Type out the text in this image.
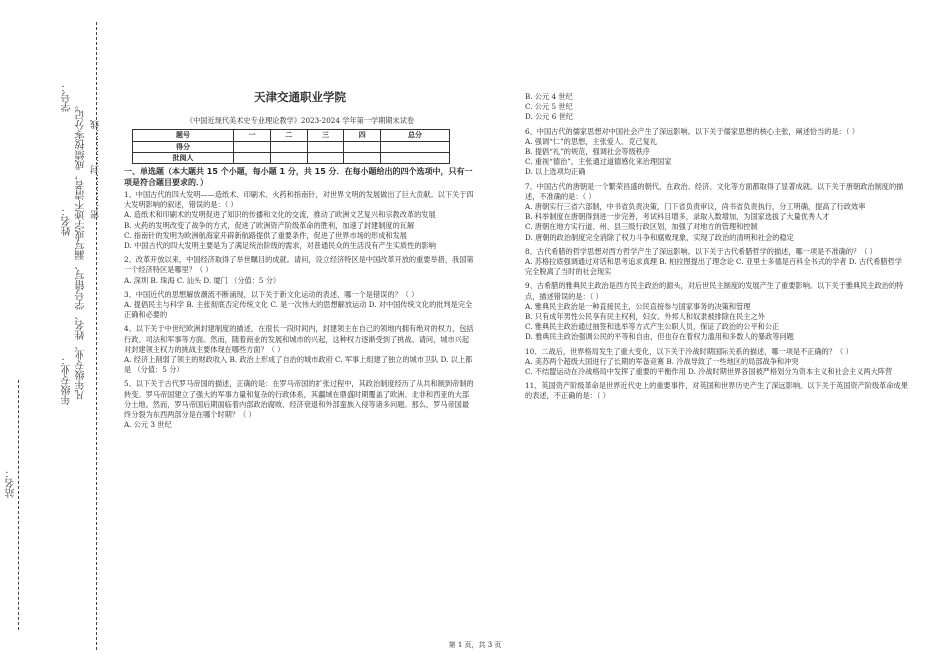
学号：
姓名：
年级专业：
站名：
凡年级专业、姓名、学号错写、漏写或字迹不清者，成绩按零分记。 密…………封…………线
天津交通职业学院
《中国近现代美术史专业理论教学》2023-2024 学年第一学期期末试卷
题号	一	二	三	四	总分
得分					
批阅人					
一、单选题（本大题共 15 个小题，每小题 1 分，共 15 分．在每小题给出的四个选项中，只有一项是符合题目要求的．）

1、中国古代的四大发明——造纸术、印刷术、火药和指南针，对世界文明的发展做出了巨大贡献。以下关于四大发明影响的叙述，错误的是：（ ）

A. 造纸术和印刷术的发明促进了知识的传播和文化的交流，推动了欧洲文艺复兴和宗教改革的发展

B. 火药的发明改变了战争的方式，促进了欧洲资产阶级革命的胜利，加速了封建制度的瓦解

C. 指南针的发明为欧洲航海家开辟新航路提供了重要条件，促进了世界市场的形成和发展

D. 中国古代的四大发明主要是为了满足统治阶级的需求，对普通民众的生活没有产生实质性的影响

2、改革开放以来，中国经济取得了举世瞩目的成就。请问，设立经济特区是中国改革开放的重要举措，我国第一个经济特区是哪里？（ ）

A. 深圳 B. 珠海 C. 汕头 D. 厦门 （分值：5 分）

3、中国近代的思想解放潮流不断涌现，以下关于新文化运动的表述，哪一个是错误的？（ ）

A. 提倡民主与科学 B. 主张彻底否定传统文化 C. 是一次伟大的思想解放运动 D. 对中国传统文化的批判是完全正确和必要的

4、以下关于中世纪欧洲封建制度的描述，在很长一段时间内，封建领主在自己的领地内拥有绝对的权力，包括行政、司法和军事等方面。然而，随着商业的发展和城市的兴起，这种权力逐渐受到了挑战。请问，城市兴起对封建领主权力的挑战主要体现在哪些方面？（ ）

A. 经济上削弱了领主的财政收入 B. 政治上形成了自治的城市政府 C. 军事上组建了独立的城市卫队 D. 以上都是 （分值：5 分）

5、以下关于古代罗马帝国的描述，正确的是：在罗马帝国的扩张过程中，其政治制度经历了从共和制到帝制的转变。罗马帝国建立了强大的军事力量和复杂的行政体系，其疆域在鼎盛时期覆盖了欧洲、北非和西亚的大部分土地。然而，罗马帝国后期面临着内部政治腐败、经济衰退和外部蛮族入侵等诸多问题。那么，罗马帝国最终分裂为东西两部分是在哪个时期？（ ）

A. 公元 3 世纪

B. 公元 4 世纪

C. 公元 5 世纪

D. 公元 6 世纪

6、中国古代的儒家思想对中国社会产生了深远影响。以下关于儒家思想的核心主张，阐述恰当的是：（ ）

A. 强调“仁”的思想，主张爱人、克己复礼

B. 提倡“礼”的规范，强调社会等级秩序

C. 重视“德治”，主张通过道德感化来治理国家

D. 以上选项均正确

7、中国古代的唐朝是一个繁荣昌盛的朝代，在政治、经济、文化等方面都取得了显著成就。以下关于唐朝政治制度的描述，不准确的是：（ ）

A. 唐朝实行三省六部制，中书省负责决策，门下省负责审议，尚书省负责执行，分工明确，提高了行政效率

B. 科举制度在唐朝得到进一步完善，考试科目增多，录取人数增加，为国家选拔了大量优秀人才

C. 唐朝在地方实行道、州、县三级行政区划，加强了对地方的管理和控制

D. 唐朝的政治制度完全消除了权力斗争和腐败现象，实现了政治的清明和社会的稳定

8、古代希腊的哲学思想对西方哲学产生了深远影响。以下关于古代希腊哲学的描述，哪一项是不准确的？（ ）

A. 苏格拉底强调通过对话和思考追求真理 B. 柏拉图提出了理念论 C. 亚里士多德是百科全书式的学者 D. 古代希腊哲学完全脱离了当时的社会现实

9、古希腊的雅典民主政治是西方民主政治的源头，对后世民主制度的发展产生了重要影响。以下关于雅典民主政治的特点，描述错误的是：（ ）

A. 雅典民主政治是一种直接民主，公民直接参与国家事务的决策和管理

B. 只有成年男性公民享有民主权利，妇女、外邦人和奴隶被排除在民主之外

C. 雅典民主政治通过抽签和选举等方式产生公职人员，保证了政治的公平和公正

D. 雅典民主政治强调公民的平等和自由，但也存在着权力滥用和多数人的暴政等问题

10、二战后，世界格局发生了重大变化，以下关于冷战时期国际关系的描述，哪一项是不正确的？（ ）

A. 美苏两个超级大国进行了长期的军备竞赛 B. 冷战导致了一些地区的局部战争和冲突

C. 不结盟运动在冷战格局中发挥了重要的平衡作用 D. 冷战时期世界各国被严格划分为资本主义和社会主义两大阵营

11、英国资产阶级革命是世界近代史上的重要事件，对英国和世界历史产生了深远影响。以下关于英国资产阶级革命成果的表述，不正确的是：（ ）

第 1 页，共 3 页
